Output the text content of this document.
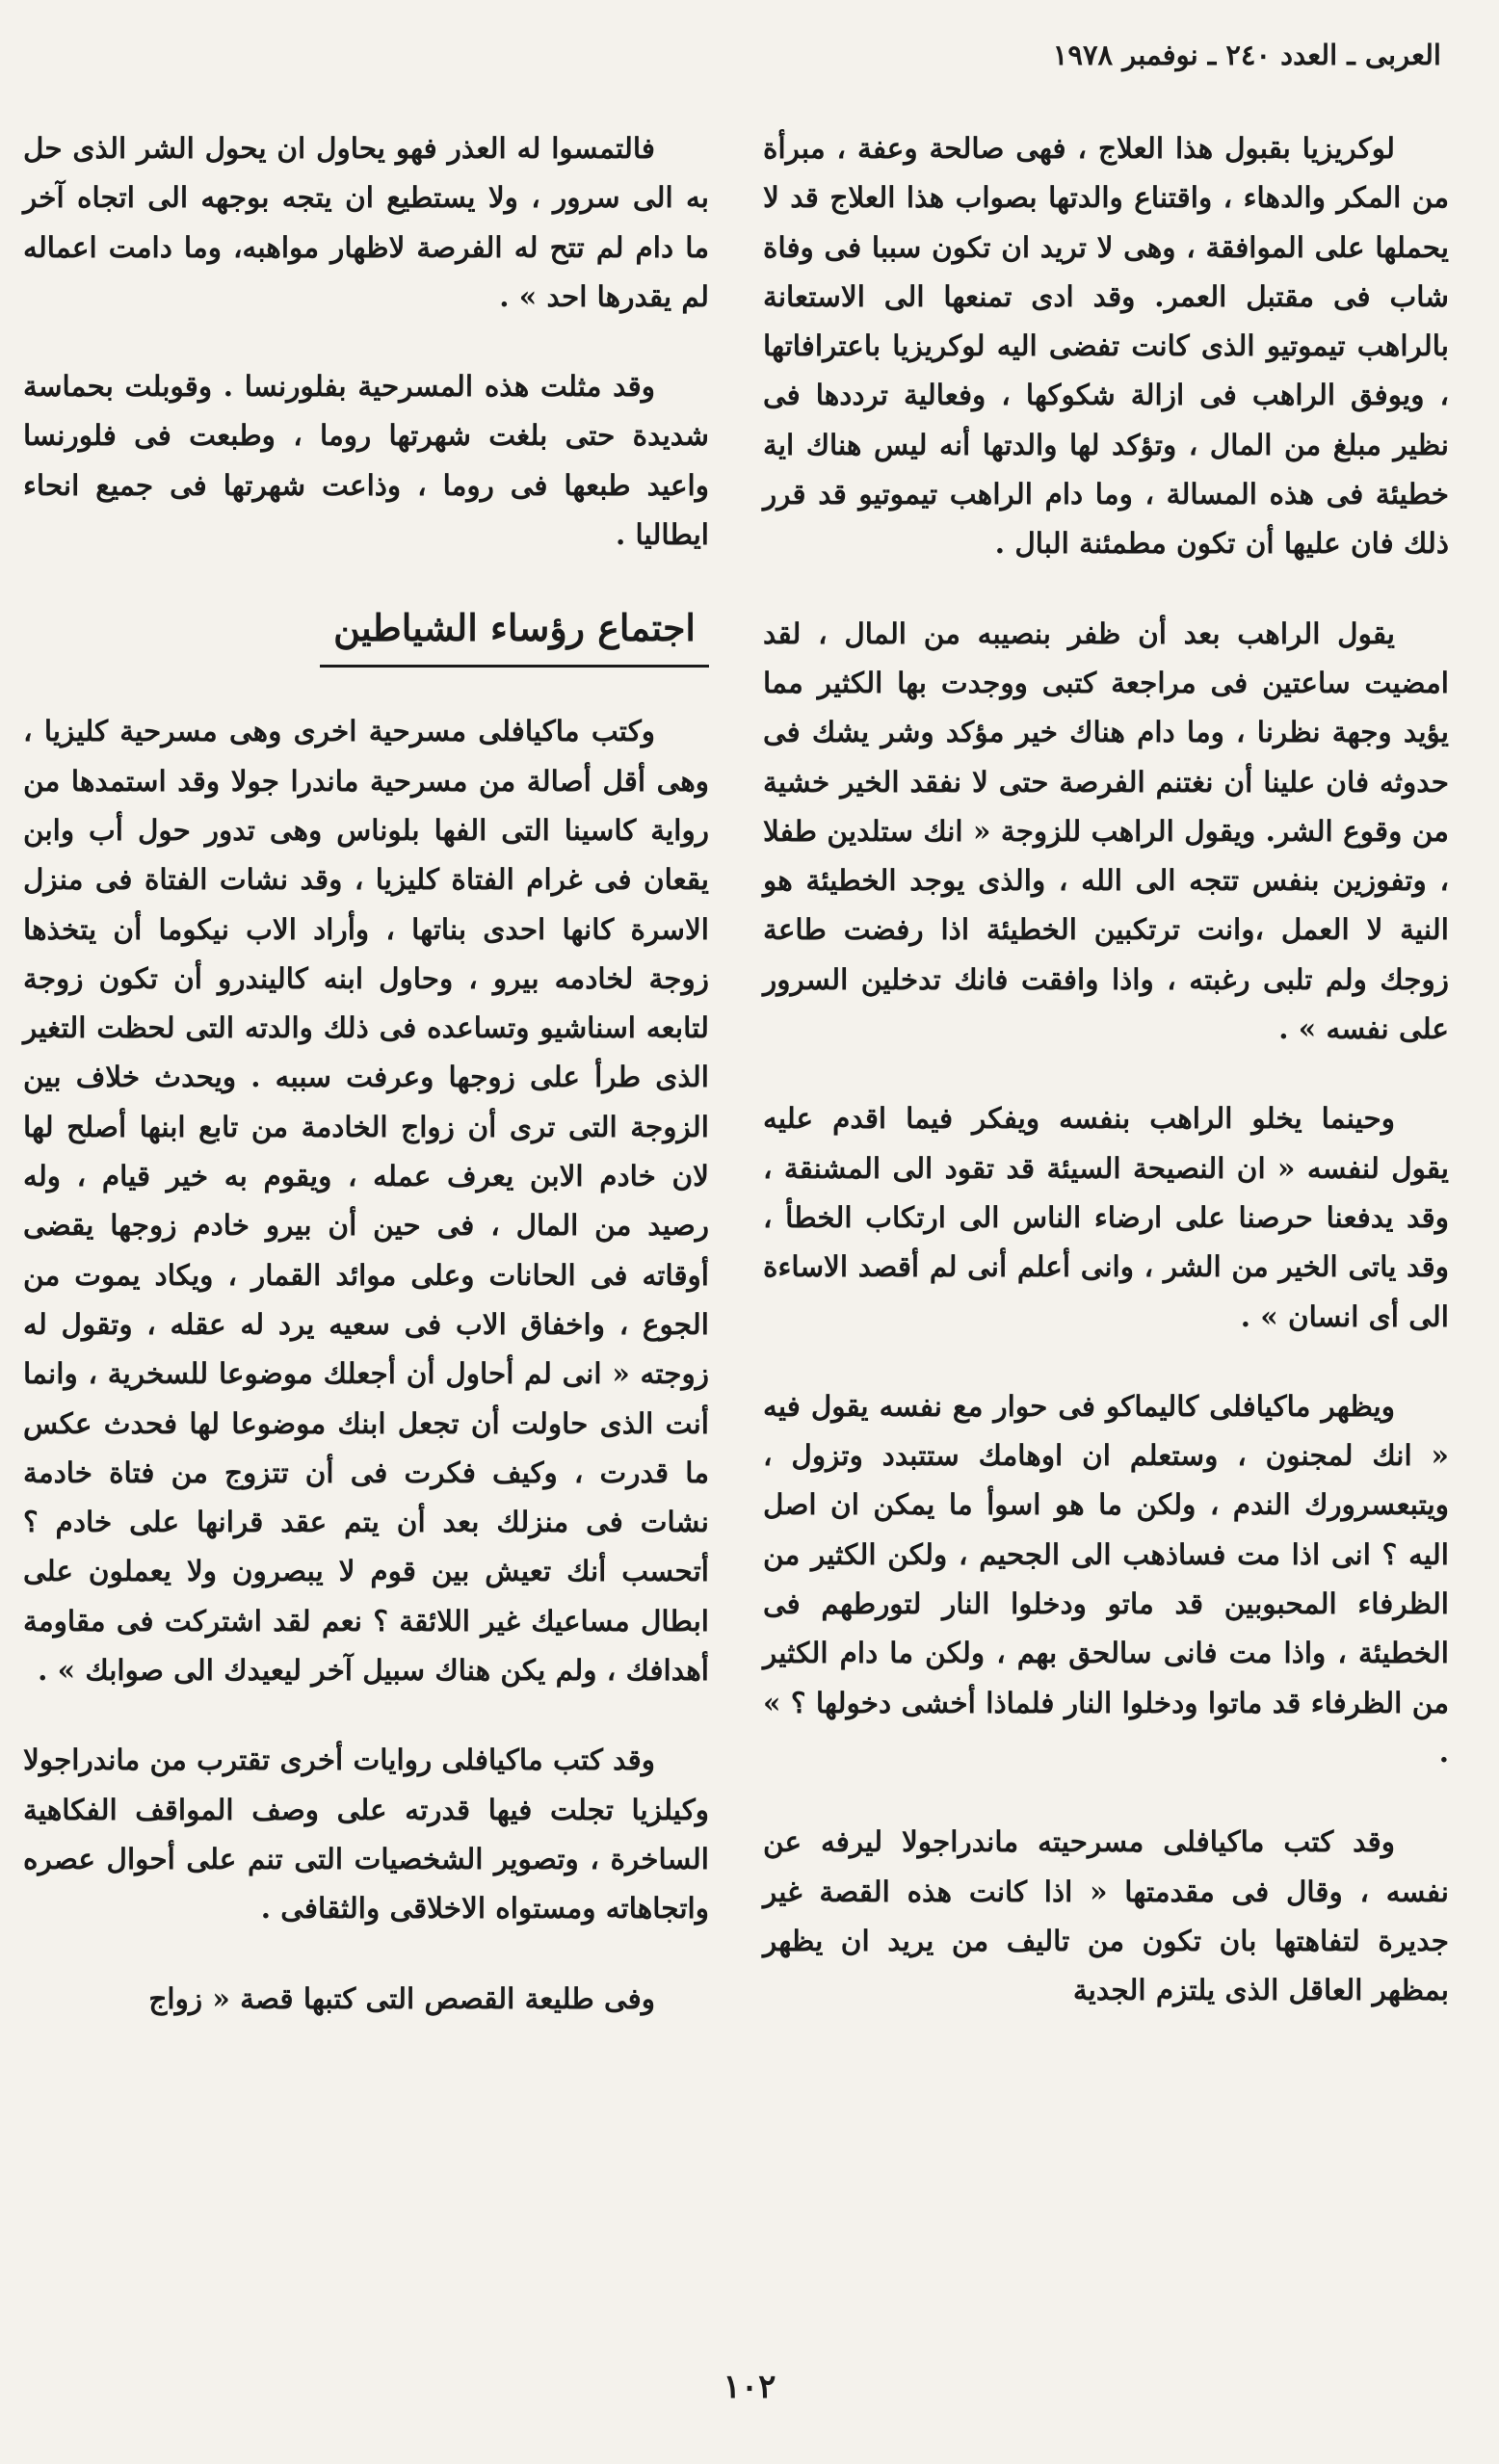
العربى ـ العدد ٢٤٠ ـ نوفمبر ١٩٧٨

لوكريزيا بقبول هذا العلاج ، فهى صالحة وعفة ، مبرأة من المكر والدهاء ، واقتناع والدتها بصواب هذا العلاج قد لا يحملها على الموافقة ، وهى لا تريد ان تكون سببا فى وفاة شاب فى مقتبل العمر. وقد ادى تمنعها الى الاستعانة بالراهب تيموتيو الذى كانت تفضى اليه لوكريزيا باعترافاتها ، ويوفق الراهب فى ازالة شكوكها ، وفعالية ترددها فى نظير مبلغ من المال ، وتؤكد لها والدتها أنه ليس هناك اية خطيئة فى هذه المسالة ، وما دام الراهب تيموتيو قد قرر ذلك فان عليها أن تكون مطمئنة البال .

يقول الراهب بعد أن ظفر بنصيبه من المال ، لقد امضيت ساعتين فى مراجعة كتبى ووجدت بها الكثير مما يؤيد وجهة نظرنا ، وما دام هناك خير مؤكد وشر يشك فى حدوثه فان علينا أن نغتنم الفرصة حتى لا نفقد الخير خشية من وقوع الشر. ويقول الراهب للزوجة « انك ستلدين طفلا ، وتفوزين بنفس تتجه الى الله ، والذى يوجد الخطيئة هو النية لا العمل ،وانت ترتكبين الخطيئة اذا رفضت طاعة زوجك ولم تلبى رغبته ، واذا وافقت فانك تدخلين السرور على نفسه » .

وحينما يخلو الراهب بنفسه ويفكر فيما اقدم عليه يقول لنفسه « ان النصيحة السيئة قد تقود الى المشنقة ، وقد يدفعنا حرصنا على ارضاء الناس الى ارتكاب الخطأ ، وقد ياتى الخير من الشر ، وانى أعلم أنى لم أقصد الاساءة الى أى انسان » .

ويظهر ماكيافلى كاليماكو فى حوار مع نفسه يقول فيه « انك لمجنون ، وستعلم ان اوهامك ستتبدد وتزول ، ويتبعسرورك الندم ، ولكن ما هو اسوأ ما يمكن ان اصل اليه ؟ انى اذا مت فساذهب الى الجحيم ، ولكن الكثير من الظرفاء المحبوبين قد ماتو ودخلوا النار لتورطهم فى الخطيئة ، واذا مت فانى سالحق بهم ، ولكن ما دام الكثير من الظرفاء قد ماتوا ودخلوا النار فلماذا أخشى دخولها ؟ » .

وقد كتب ماكيافلى مسرحيته ماندراجولا ليرفه عن نفسه ، وقال فى مقدمتها « اذا كانت هذه القصة غير جديرة لتفاهتها بان تكون من تاليف من يريد ان يظهر بمظهر العاقل الذى يلتزم الجدية

فالتمسوا له العذر فهو يحاول ان يحول الشر الذى حل به الى سرور ، ولا يستطيع ان يتجه بوجهه الى اتجاه آخر ما دام لم تتح له الفرصة لاظهار مواهبه، وما دامت اعماله لم يقدرها احد » .

وقد مثلت هذه المسرحية بفلورنسا . وقوبلت بحماسة شديدة حتى بلغت شهرتها روما ، وطبعت فى فلورنسا واعيد طبعها فى روما ، وذاعت شهرتها فى جميع انحاء ايطاليا .

اجتماع رؤساء الشياطين

وكتب ماكيافلى مسرحية اخرى وهى مسرحية كليزيا ، وهى أقل أصالة من مسرحية ماندرا جولا وقد استمدها من رواية كاسينا التى الفها بلوناس وهى تدور حول أب وابن يقعان فى غرام الفتاة كليزيا ، وقد نشات الفتاة فى منزل الاسرة كانها احدى بناتها ، وأراد الاب نيكوما أن يتخذها زوجة لخادمه بيرو ، وحاول ابنه كاليندرو أن تكون زوجة لتابعه اسناشيو وتساعده فى ذلك والدته التى لحظت التغير الذى طرأ على زوجها وعرفت سببه . ويحدث خلاف بين الزوجة التى ترى أن زواج الخادمة من تابع ابنها أصلح لها لان خادم الابن يعرف عمله ، ويقوم به خير قيام ، وله رصيد من المال ، فى حين أن بيرو خادم زوجها يقضى أوقاته فى الحانات وعلى موائد القمار ، ويكاد يموت من الجوع ، واخفاق الاب فى سعيه يرد له عقله ، وتقول له زوجته « انى لم أحاول أن أجعلك موضوعا للسخرية ، وانما أنت الذى حاولت أن تجعل ابنك موضوعا لها فحدث عكس ما قدرت ، وكيف فكرت فى أن تتزوج من فتاة خادمة نشات فى منزلك بعد أن يتم عقد قرانها على خادم ؟ أتحسب أنك تعيش بين قوم لا يبصرون ولا يعملون على ابطال مساعيك غير اللائقة ؟ نعم لقد اشتركت فى مقاومة أهدافك ، ولم يكن هناك سبيل آخر ليعيدك الى صوابك » .

وقد كتب ماكيافلى روايات أخرى تقترب من ماندراجولا وكيلزيا تجلت فيها قدرته على وصف المواقف الفكاهية الساخرة ، وتصوير الشخصيات التى تنم على أحوال عصره واتجاهاته ومستواه الاخلاقى والثقافى .

وفى طليعة القصص التى كتبها قصة « زواج

١٠٢
